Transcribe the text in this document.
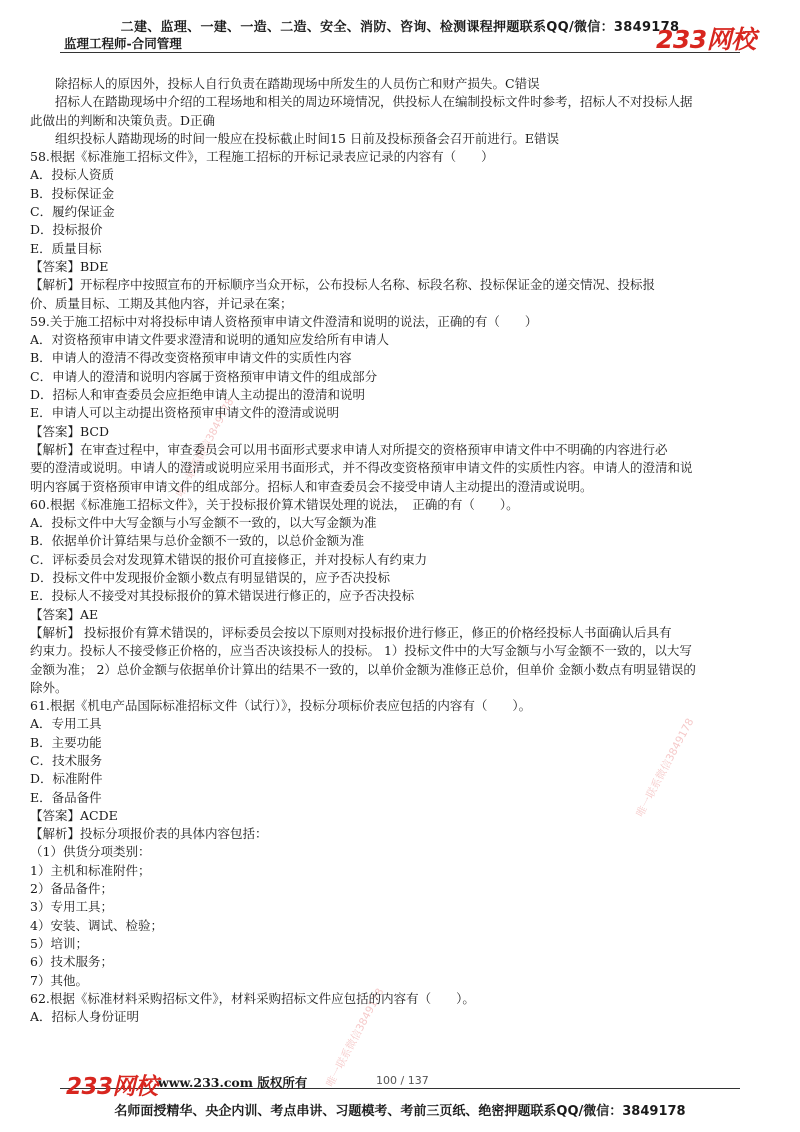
二建、监理、一建、一造、二造、安全、消防、咨询、检测课程押题联系QQ/微信：3849178
监理工程师-合同管理	233网校
唯一联系微信3849178
唯一联系微信3849178
唯一联系微信3849178
除招标人的原因外，投标人自行负责在踏勘现场中所发生的人员伤亡和财产损失。C错误
招标人在踏勘现场中介绍的工程场地和相关的周边环境情况，供投标人在编制投标文件时参考，招标人不对投标人据
此做出的判断和决策负责。D正确
组织投标人踏勘现场的时间一般应在投标截止时间15 日前及投标预备会召开前进行。E错误
58.根据《标准施工招标文件》，工程施工招标的开标记录表应记录的内容有（　　）
A．投标人资质
B．投标保证金
C．履约保证金
D．投标报价
E．质量目标
【答案】BDE
【解析】开标程序中按照宣布的开标顺序当众开标，公布投标人名称、标段名称、投标保证金的递交情况、投标报
价、质量目标、工期及其他内容，并记录在案；
59.关于施工招标中对将投标申请人资格预审申请文件澄清和说明的说法，正确的有（　　）
A．对资格预审申请文件要求澄清和说明的通知应发给所有申请人
B．申请人的澄清不得改变资格预审申请文件的实质性内容
C．申请人的澄清和说明内容属于资格预审申请文件的组成部分
D．招标人和审查委员会应拒绝申请人主动提出的澄清和说明
E．申请人可以主动提出资格预审申请文件的澄清或说明
【答案】BCD
【解析】在审查过程中，审查委员会可以用书面形式要求申请人对所提交的资格预审申请文件中不明确的内容进行必
要的澄清或说明。申请人的澄清或说明应采用书面形式，并不得改变资格预审申请文件的实质性内容。申请人的澄清和说
明内容属于资格预审申请文件的组成部分。招标人和审查委员会不接受申请人主动提出的澄清或说明。
60.根据《标准施工招标文件》，关于投标报价算术错误处理的说法，　正确的有（　　）。
A．投标文件中大写金额与小写金额不一致的，以大写金额为准
B．依据单价计算结果与总价金额不一致的，以总价金额为准
C．评标委员会对发现算术错误的报价可直接修正，并对投标人有约束力
D．投标文件中发现报价金额小数点有明显错误的，应予否决投标
E．投标人不接受对其投标报价的算术错误进行修正的，应予否决投标
【答案】AE
【解析】 投标报价有算术错误的，评标委员会按以下原则对投标报价进行修正，修正的价格经投标人书面确认后具有
约束力。投标人不接受修正价格的，应当否决该投标人的投标。 1）投标文件中的大写金额与小写金额不一致的，以大写
金额为准； 2）总价金额与依据单价计算出的结果不一致的，以单价金额为准修正总价，但单价 金额小数点有明显错误的
除外。
61.根据《机电产品国际标准招标文件（试行）》，投标分项标价表应包括的内容有（　　）。
A．专用工具
B．主要功能
C．技术服务
D．标准附件
E．备品备件
【答案】ACDE
【解析】投标分项报价表的具体内容包括：
（1）供货分项类别：
1）主机和标准附件；
2）备品备件；
3）专用工具；
4）安装、调试、检验；
5）培训；
6）技术服务；
7）其他。
62.根据《标准材料采购招标文件》，材料采购招标文件应包括的内容有（　　）。
A．招标人身份证明
233网校 www.233.com 版权所有	100 / 137
名师面授精华、央企内训、考点串讲、习题模考、考前三页纸、绝密押题联系QQ/微信：3849178
